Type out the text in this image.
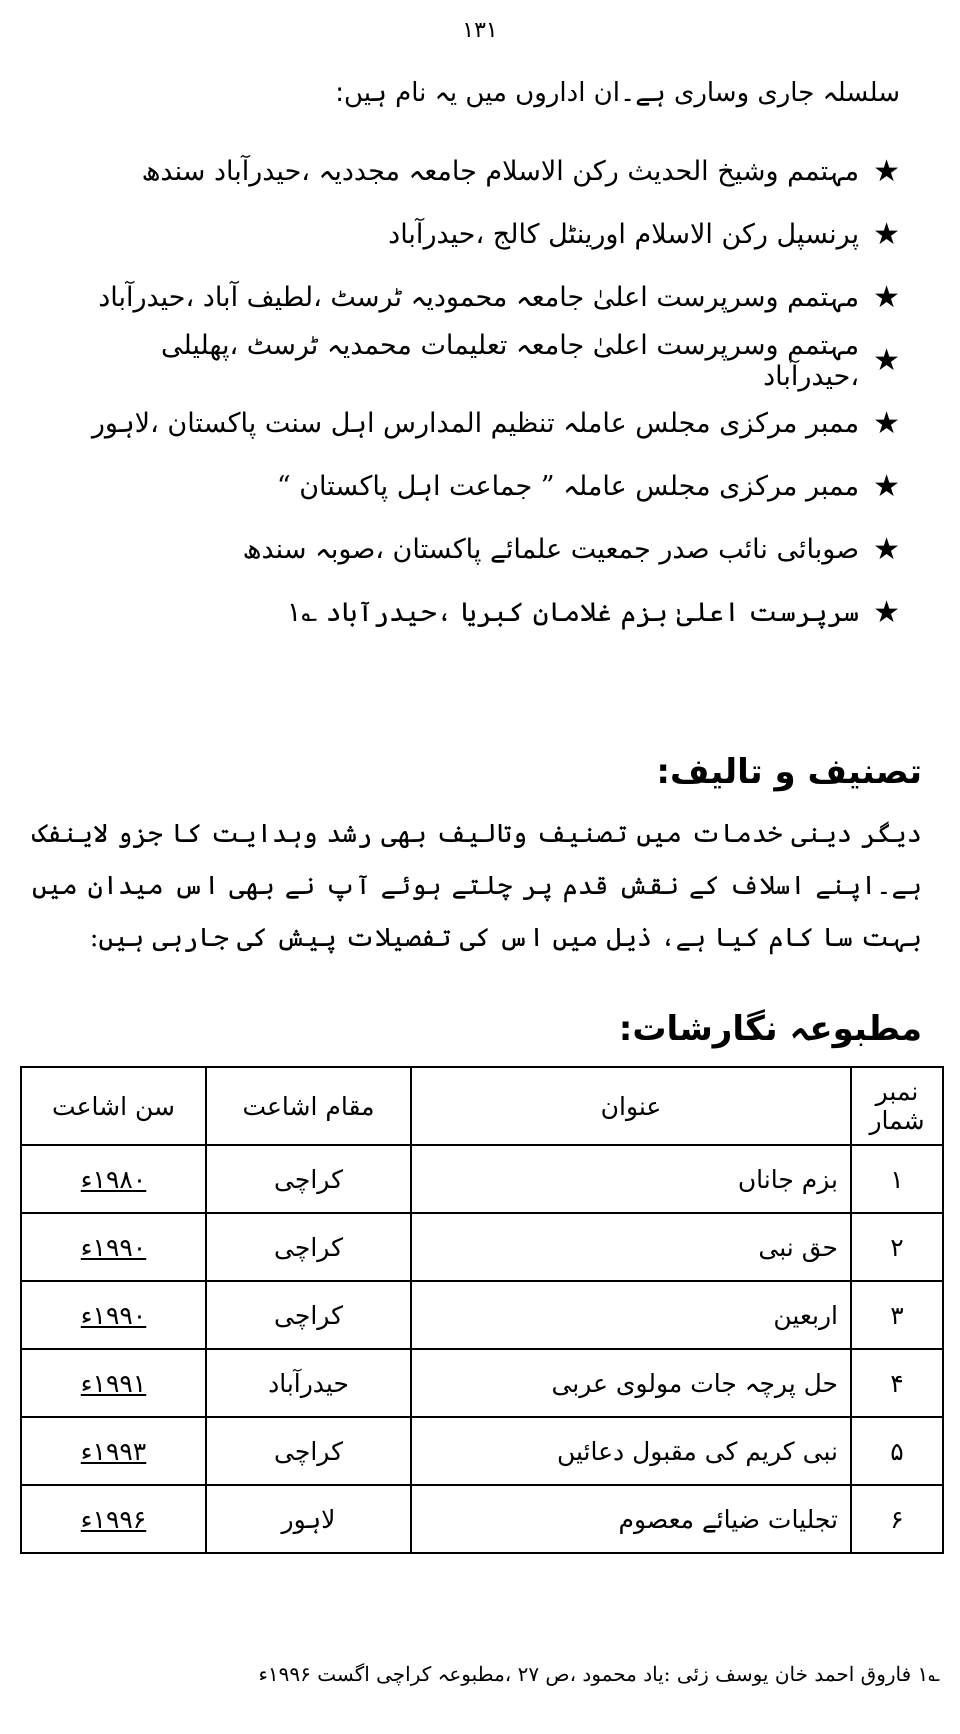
١٣١
سلسلہ جاری وساری ہے۔ان اداروں میں یہ نام ہیں:
★
مہتمم وشیخ الحدیث رکن الاسلام جامعہ مجددیہ ،حیدرآباد سندھ
★
پرنسپل رکن الاسلام اورینٹل کالج ،حیدرآباد
★
مہتمم وسرپرست اعلیٰ جامعہ محمودیہ ٹرسٹ ،لطیف آباد ،حیدرآباد
★
مہتمم وسرپرست اعلیٰ جامعہ تعلیمات محمدیہ ٹرسٹ ،پھلیلی ،حیدرآباد
★
ممبر مرکزی مجلس عاملہ تنظیم المدارس اہل سنت پاکستان ،لاہور
★
ممبر مرکزی مجلس عاملہ ” جماعت اہل پاکستان “
★
صوبائی نائب صدر جمعیت علمائے پاکستان ،صوبہ سندھ
★
سرپرست اعلیٰ بزم غلامان کبریا ،حیدرآباد ؎۱
تصنیف و تالیف:
دیگر دینی خدمات میں تصنیف وتالیف بھی رشد وہدایت کا جزو لاینفک ہے۔اپنے اسلاف کے نقش قدم پر چلتے ہوئے آپ نے بھی اس میدان میں بہت سا کام کیا ہے، ذیل میں اس کی تفصیلات پیش کی جارہی ہیں:
مطبوعہ نگارشات:
نمبر شمار	عنوان	مقام اشاعت	سن اشاعت
۱	بزم جاناں	کراچی	۱۹۸۰ء
۲	حق نبی	کراچی	۱۹۹۰ء
۳	اربعین	کراچی	۱۹۹۰ء
۴	حل پرچہ جات مولوی عربی	حیدرآباد	۱۹۹۱ء
۵	نبی کریم کی مقبول دعائیں	کراچی	۱۹۹۳ء
۶	تجلیات ضیائے معصوم	لاہور	۱۹۹۶ء
؎۱ فاروق احمد خان یوسف زئی :یاد محمود ،ص ۲۷ ،مطبوعہ کراچی اگست ۱۹۹۶ء
